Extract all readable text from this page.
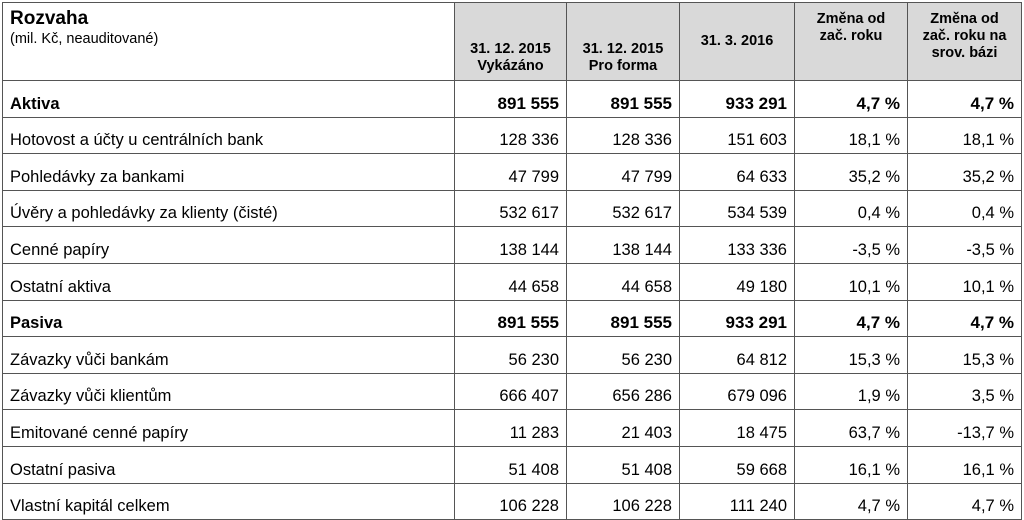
Rozvaha
(mil. Kč, neauditované)	31. 12. 2015 Vykázáno	31. 12. 2015 Pro forma	31. 3. 2016	Změna od zač. roku	Změna od zač. roku na srov. bázi
Aktiva	891 555	891 555	933 291	4,7 %	4,7 %
Hotovost a účty u centrálních bank	128 336	128 336	151 603	18,1 %	18,1 %
Pohledávky za bankami	47 799	47 799	64 633	35,2 %	35,2 %
Úvěry a pohledávky za klienty (čisté)	532 617	532 617	534 539	0,4 %	0,4 %
Cenné papíry	138 144	138 144	133 336	-3,5 %	-3,5 %
Ostatní aktiva	44 658	44 658	49 180	10,1 %	10,1 %
Pasiva	891 555	891 555	933 291	4,7 %	4,7 %
Závazky vůči bankám	56 230	56 230	64 812	15,3 %	15,3 %
Závazky vůči klientům	666 407	656 286	679 096	1,9 %	3,5 %
Emitované cenné papíry	11 283	21 403	18 475	63,7 %	-13,7 %
Ostatní pasiva	51 408	51 408	59 668	16,1 %	16,1 %
Vlastní kapitál celkem	106 228	106 228	111 240	4,7 %	4,7 %
